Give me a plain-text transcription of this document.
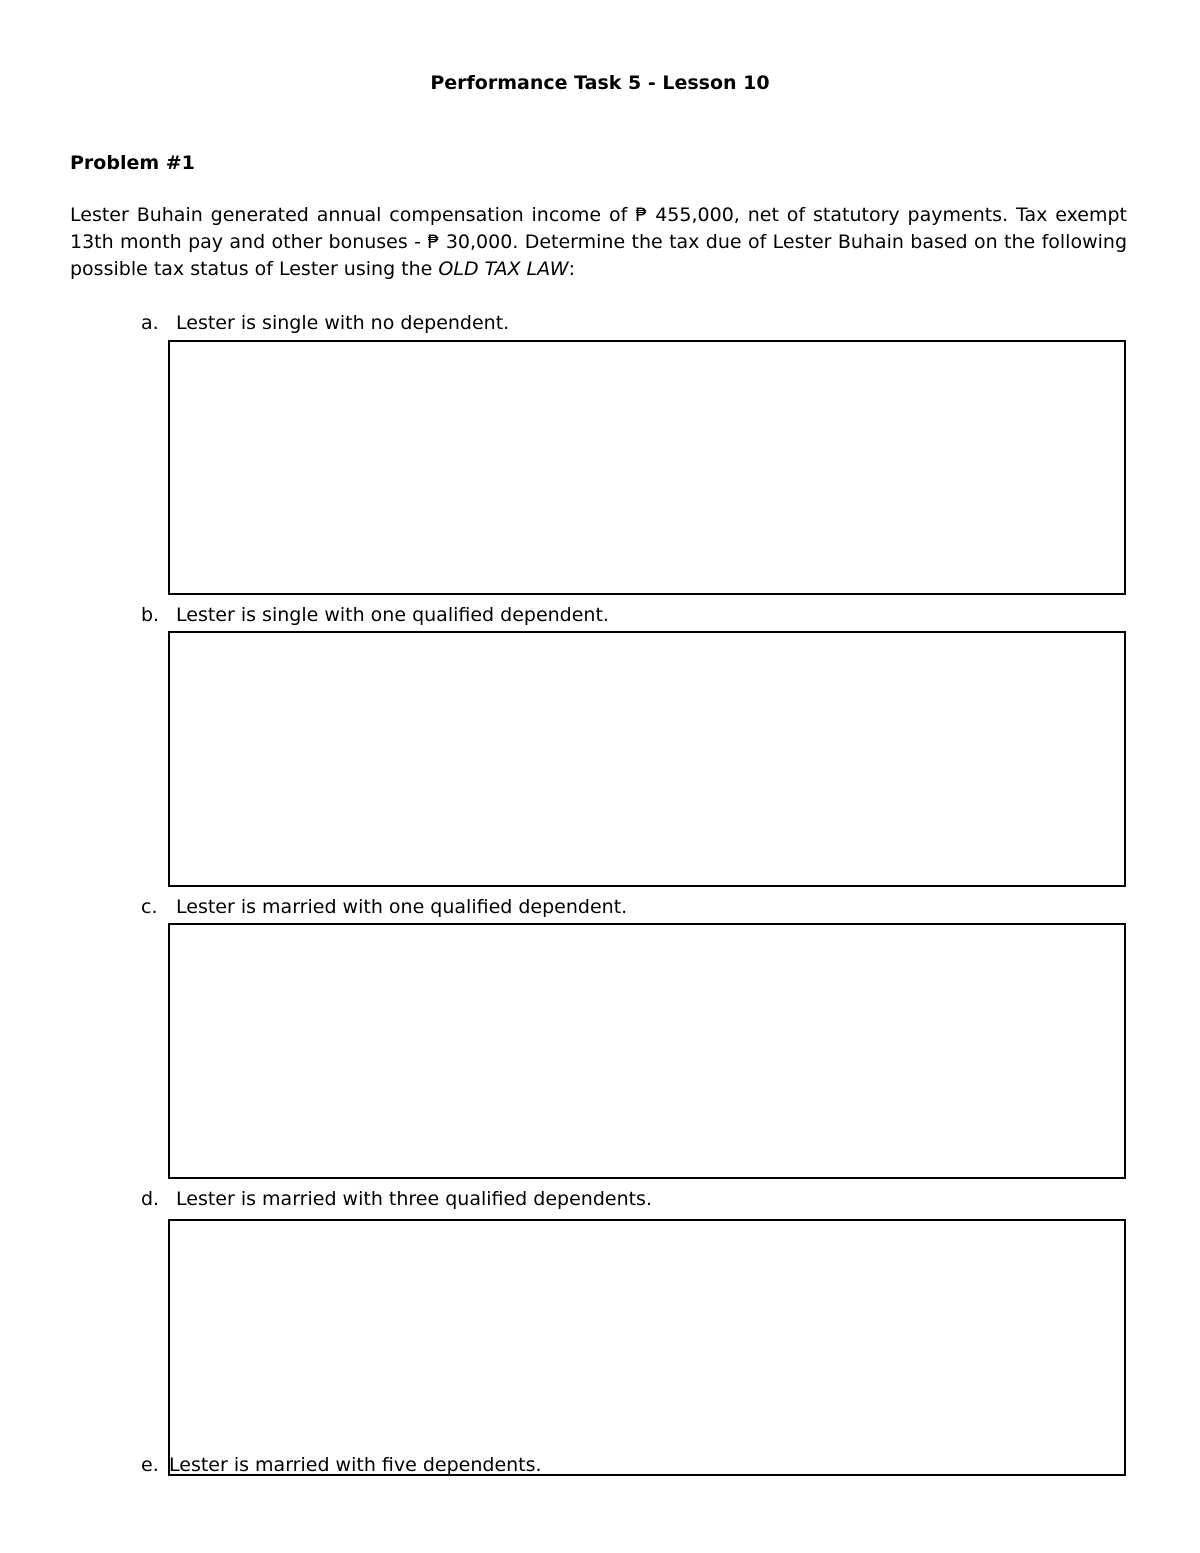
Performance Task 5 - Lesson 10
Problem #1
Lester Buhain generated annual compensation income of ₱ 455,000, net of statutory payments. Tax exempt 13th month pay and other bonuses - ₱ 30,000. Determine the tax due of Lester Buhain based on the following possible tax status of Lester using the OLD TAX LAW:
a. Lester is single with no dependent.
b. Lester is single with one qualified dependent.
c. Lester is married with one qualified dependent.
d. Lester is married with three qualified dependents.
e. Lester is married with five dependents.
